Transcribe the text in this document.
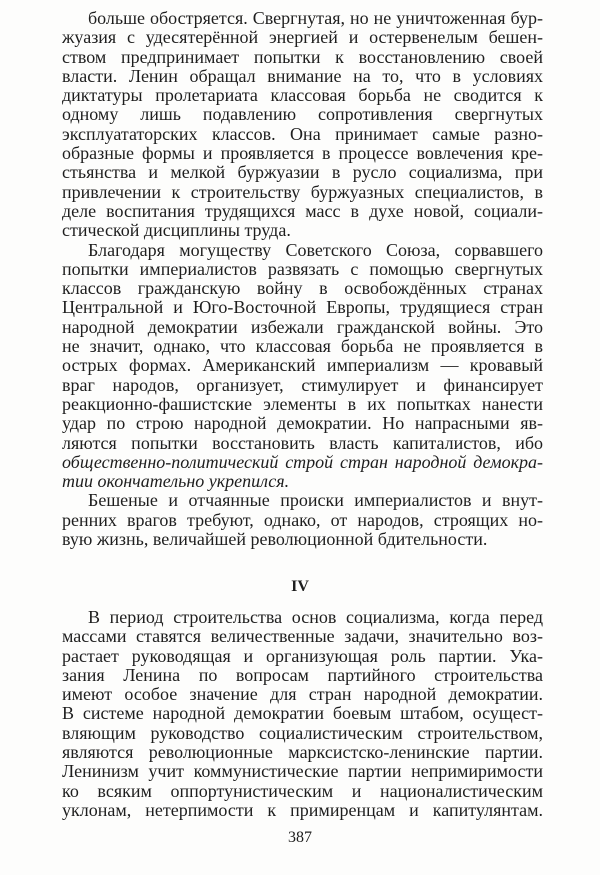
больше обостряется. Свергнутая, но не уничтоженная бур-
жуазия с удесятерённой энергией и остервенелым бешен-
ством предпринимает попытки к восстановлению своей
власти. Ленин обращал внимание на то, что в условиях
диктатуры пролетариата классовая борьба не сводится к
одному лишь подавлению сопротивления свергнутых
эксплуататорских классов. Она принимает самые разно-
образные формы и проявляется в процессе вовлечения кре-
стьянства и мелкой буржуазии в русло социализма, при
привлечении к строительству буржуазных специалистов, в
деле воспитания трудящихся масс в духе новой, социали-
стической дисциплины труда.
Благодаря могуществу Советского Союза, сорвавшего
попытки империалистов развязать с помощью свергнутых
классов гражданскую войну в освобождённых странах
Центральной и Юго-Восточной Европы, трудящиеся стран
народной демократии избежали гражданской войны. Это
не значит, однако, что классовая борьба не проявляется в
острых формах. Американский империализм — кровавый
враг народов, организует, стимулирует и финансирует
реакционно-фашистские элементы в их попытках нанести
удар по строю народной демократии. Но напрасными яв-
ляются попытки восстановить власть капиталистов, ибо
общественно-политический строй стран народной демокра-
тии окончательно укрепился.
Бешеные и отчаянные происки империалистов и внут-
ренних врагов требуют, однако, от народов, строящих но-
вую жизнь, величайшей революционной бдительности.
IV
В период строительства основ социализма, когда перед
массами ставятся величественные задачи, значительно воз-
растает руководящая и организующая роль партии. Ука-
зания Ленина по вопросам партийного строительства
имеют особое значение для стран народной демократии.
В системе народной демократии боевым штабом, осущест-
вляющим руководство социалистическим строительством,
являются революционные марксистско-ленинские партии.
Ленинизм учит коммунистические партии непримиримости
ко всяким оппортунистическим и националистическим
уклонам, нетерпимости к примиренцам и капитулянтам.
387
